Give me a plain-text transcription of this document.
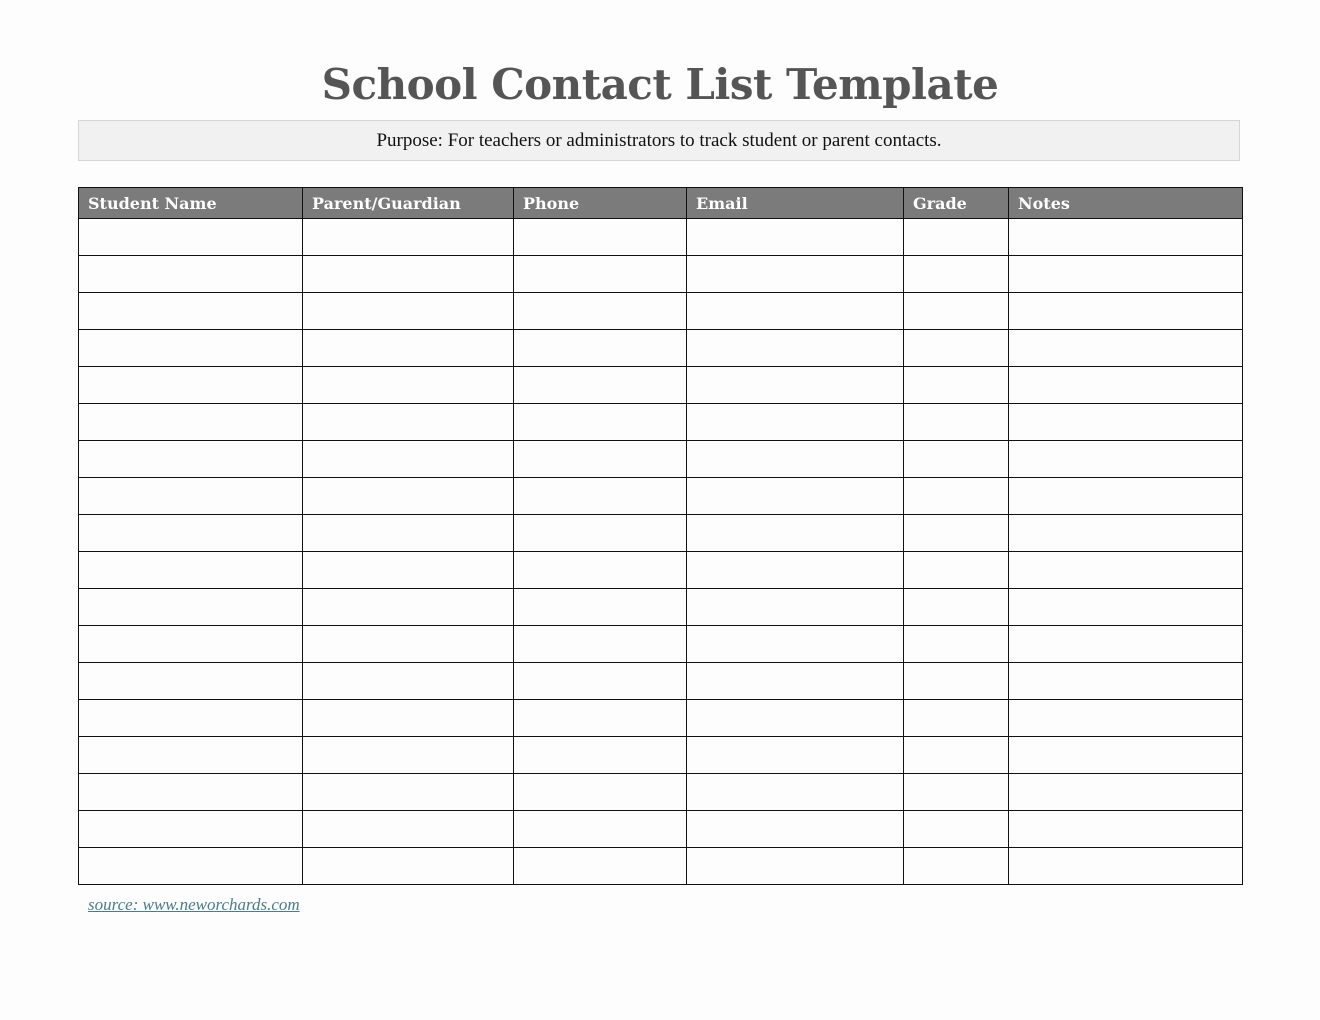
School Contact List Template
Purpose: For teachers or administrators to track student or parent contacts.
Student Name	Parent/Guardian	Phone	Email	Grade	Notes

source: www.neworchards.com
